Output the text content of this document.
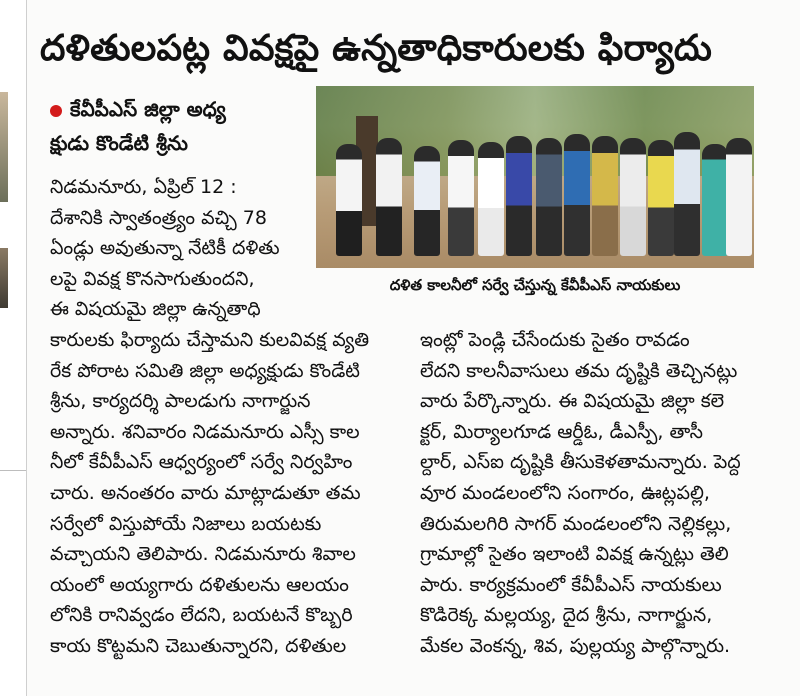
దళితులపట్ల వివక్షపై ఉన్నతాధికారులకు ఫిర్యాదు
కేవీపీఎస్ జిల్లా అధ్య
క్షుడు కొండేటి శ్రీను
దళిత కాలనీలో సర్వే చేస్తున్న కేవీపీఎస్ నాయకులు
నిడమనూరు, ఏప్రిల్ 12 :
దేశానికి స్వాతంత్ర్యం వచ్చి 78
ఏండ్లు అవుతున్నా నేటికీ దళితు
లపై వివక్ష కొనసాగుతుందని,
ఈ విషయమై జిల్లా ఉన్నతాధి
కారులకు ఫిర్యాదు చేస్తామని కులవివక్ష వ్యతి
రేక పోరాట సమితి జిల్లా అధ్యక్షుడు కొండేటి
శ్రీను, కార్యదర్శి పాలడుగు నాగార్జున
అన్నారు. శనివారం నిడమనూరు ఎస్సీ కాల
నీలో కేవీపీఎస్ ఆధ్వర్యంలో సర్వే నిర్వహిం
చారు. అనంతరం వారు మాట్లాడుతూ తమ
సర్వేలో విస్తుపోయే నిజాలు బయటకు
వచ్చాయని తెలిపారు. నిడమనూరు శివాల
యంలో అయ్యగారు దళితులను ఆలయం
లోనికి రానివ్వడం లేదని, బయటనే కొబ్బరి
కాయ కొట్టమని చెబుతున్నారని, దళితుల
ఇంట్లో పెండ్లి చేసేందుకు సైతం రావడం
లేదని కాలనీవాసులు తమ దృష్టికి తెచ్చినట్లు
వారు పేర్కొన్నారు. ఈ విషయమై జిల్లా కలె
క్టర్, మిర్యాలగూడ ఆర్డీఓ, డీఎస్పీ, తాసీ
ల్దార్, ఎస్ఐ దృష్టికి తీసుకెళతామన్నారు. పెద్ద
వూర మండలంలోని సంగారం, ఊట్లపల్లి,
తిరుమలగిరి సాగర్ మండలంలోని నెల్లికల్లు,
గ్రామాల్లో సైతం ఇలాంటి వివక్ష ఉన్నట్లు తెలి
పారు. కార్యక్రమంలో కేవీపీఎస్ నాయకులు
కొడిరెక్క మల్లయ్య, దైద శ్రీను, నాగార్జున,
మేకల వెంకన్న, శివ, పుల్లయ్య పాల్గొన్నారు.
